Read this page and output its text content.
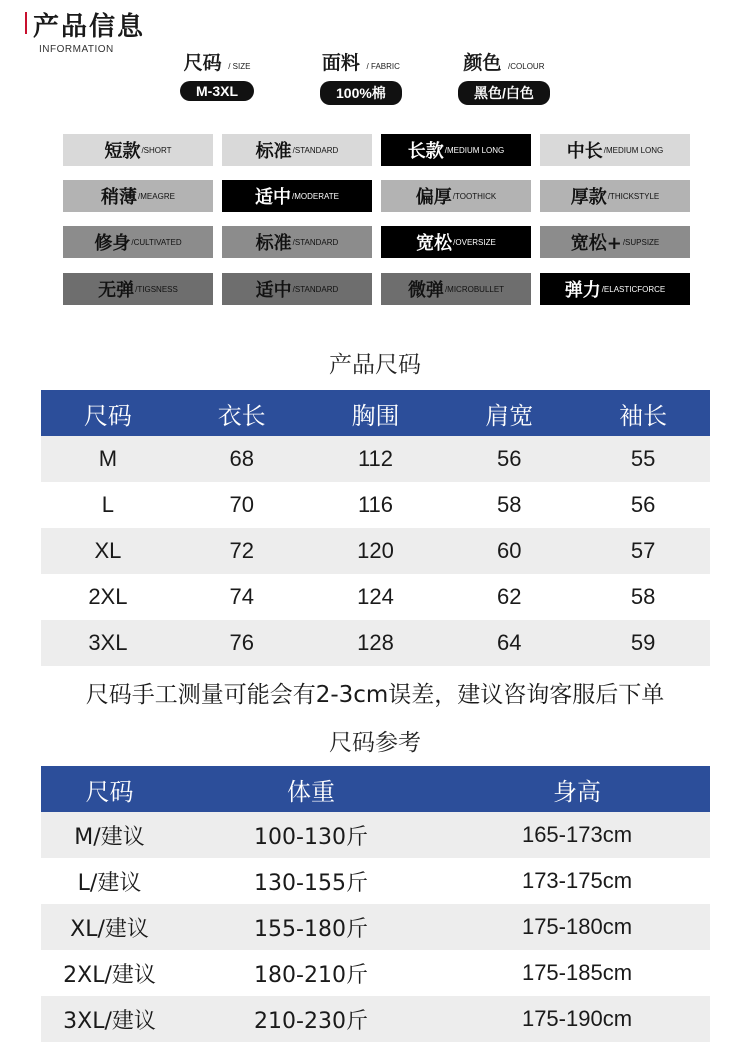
产品信息
INFORMATION
尺码 / SIZE
M-3XL
面料 / FABRIC
100%棉
颜色 /COLOUR
黑色/白色
短款 /SHORT	标准 /STANDARD	长款 /MEDIUM LONG	中长 /MEDIUM LONG
稍薄 /MEAGRE	适中 /MODERATE	偏厚 /TOOTHICK	厚款 /THICKSTYLE
修身 /CULTIVATED	标准 /STANDARD	宽松 /OVERSIZE	宽松+ /SUPSIZE
无弹 /TIGSNESS	适中 /STANDARD	微弹 /MICROBULLET	弹力 /ELASTICFORCE
产品尺码
尺码	衣长	胸围	肩宽	袖长
M	68	112	56	55
L	70	116	58	56
XL	72	120	60	57
2XL	74	124	62	58
3XL	76	128	64	59
尺码手工测量可能会有2-3cm误差，建议咨询客服后下单
尺码参考
尺码	体重	身高
M/建议	100-130斤	165-173cm
L/建议	130-155斤	173-175cm
XL/建议	155-180斤	175-180cm
2XL/建议	180-210斤	175-185cm
3XL/建议	210-230斤	175-190cm
